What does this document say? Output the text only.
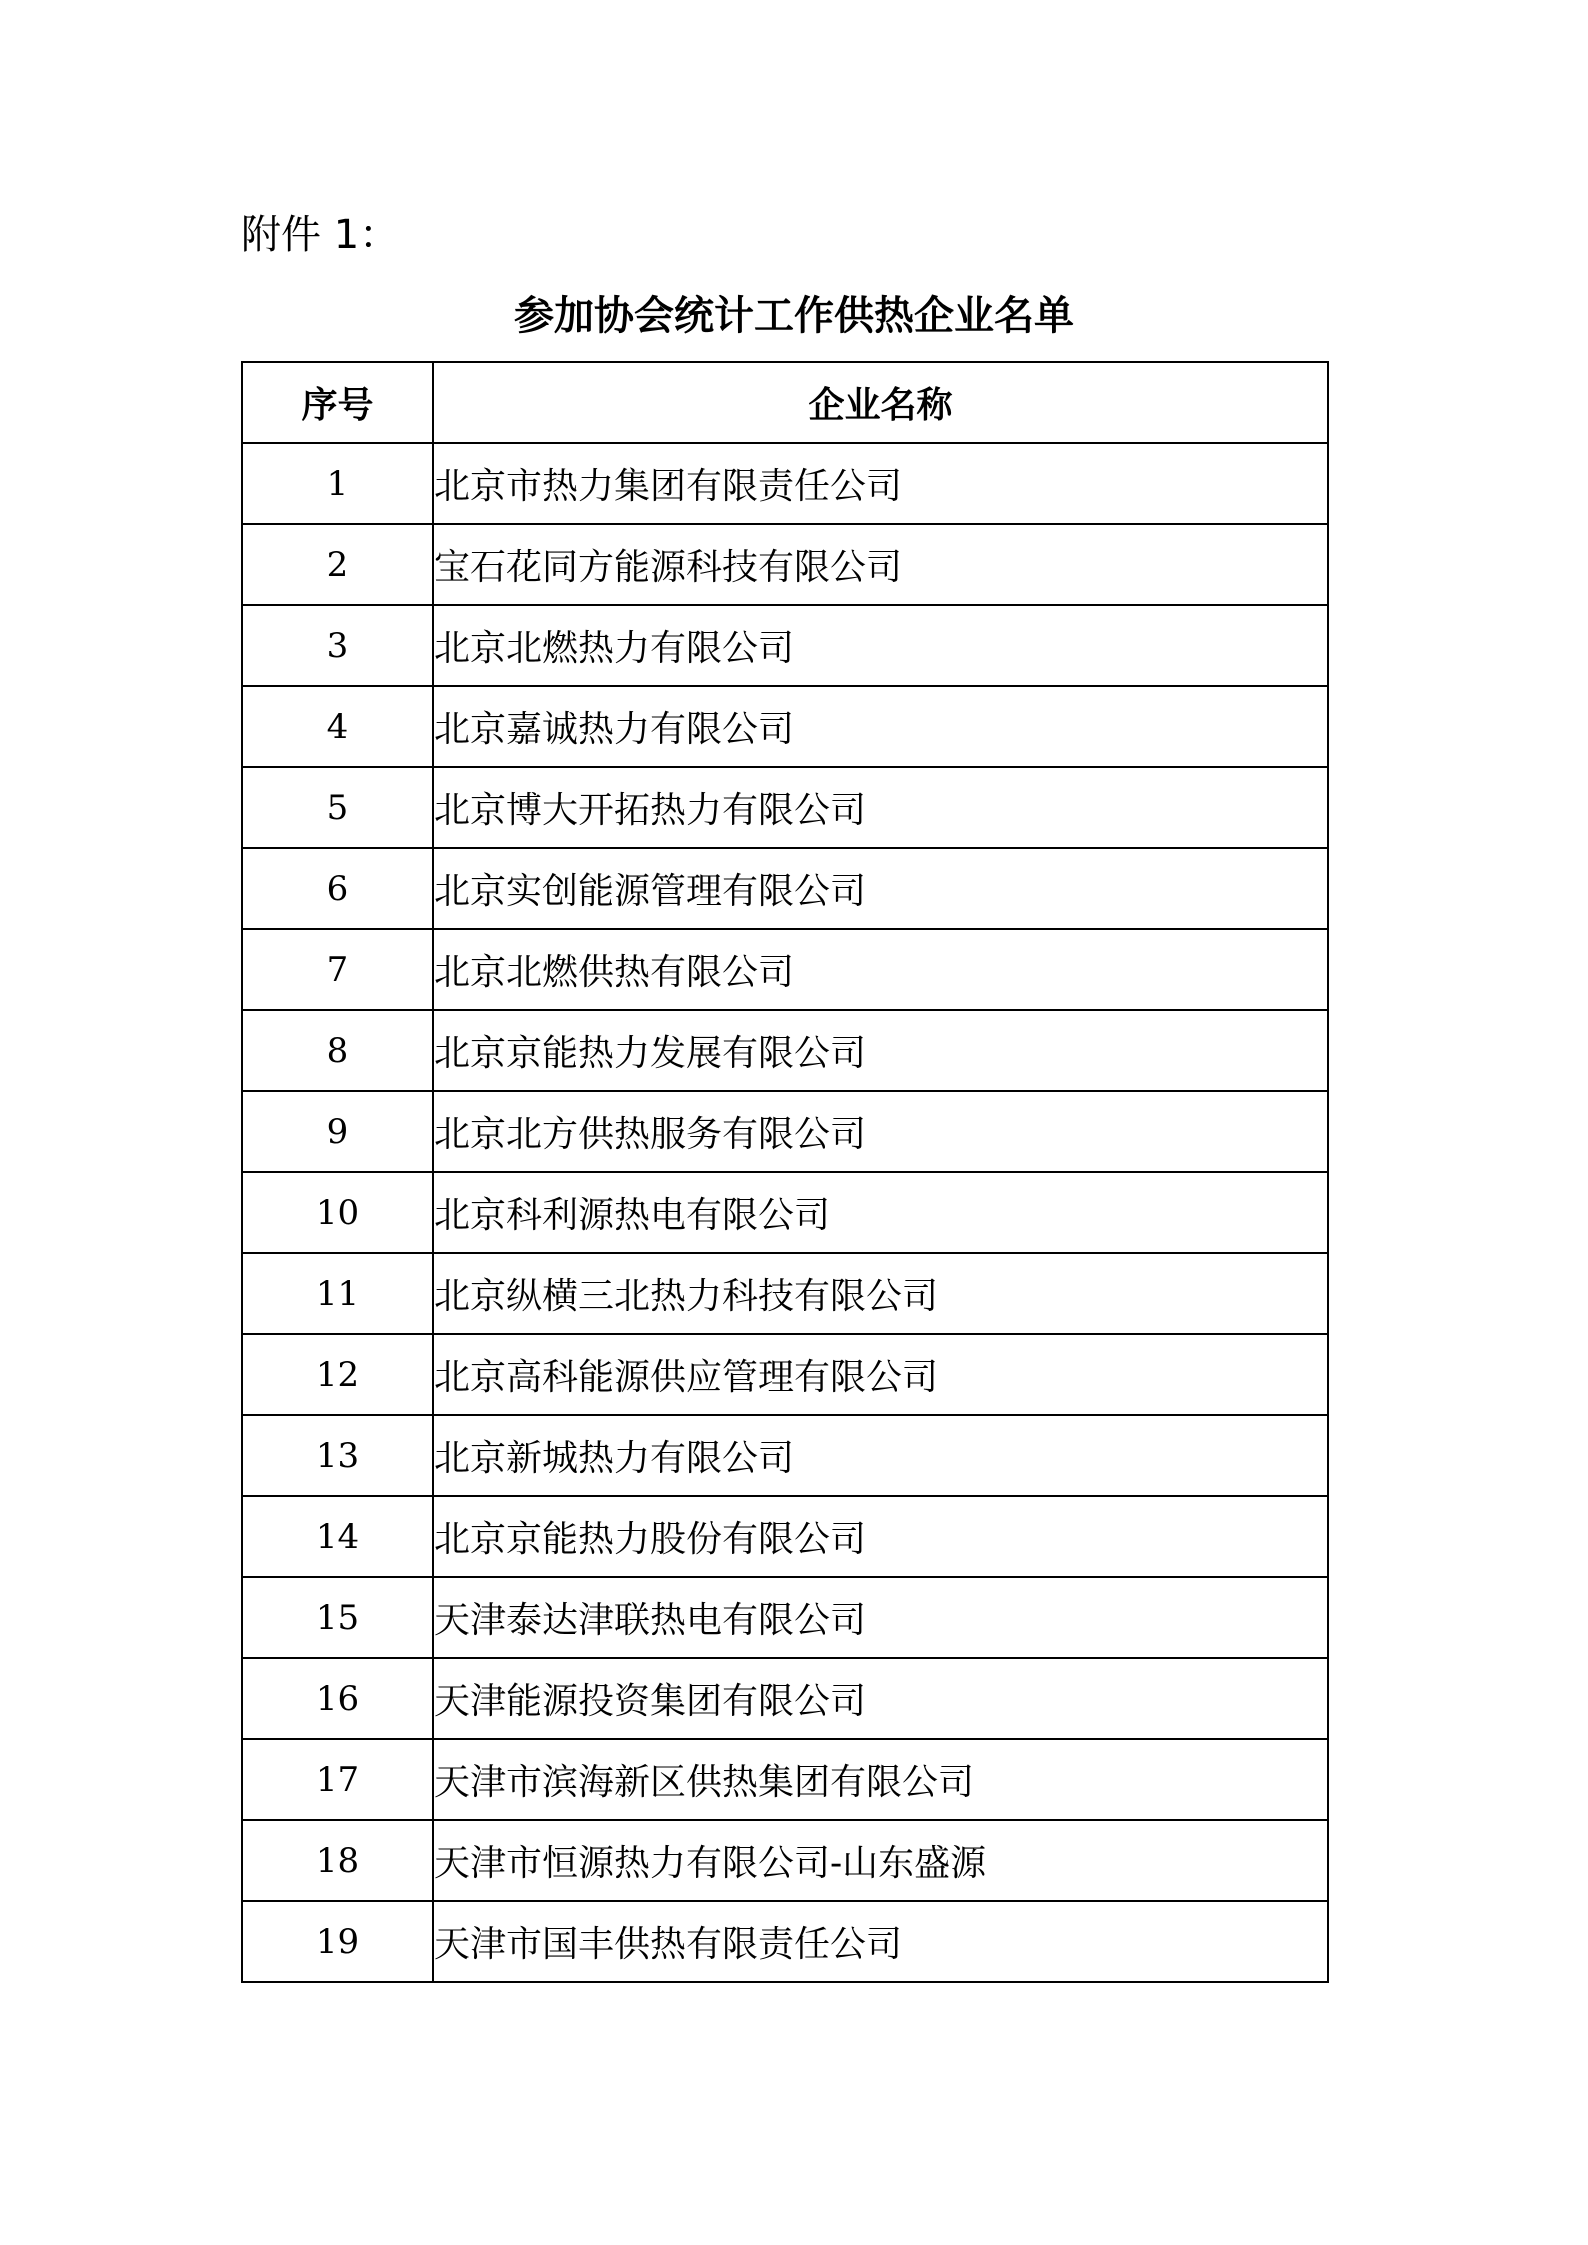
附件 1：
参加协会统计工作供热企业名单
序号	企业名称
1	北京市热力集团有限责任公司
2	宝石花同方能源科技有限公司
3	北京北燃热力有限公司
4	北京嘉诚热力有限公司
5	北京博大开拓热力有限公司
6	北京实创能源管理有限公司
7	北京北燃供热有限公司
8	北京京能热力发展有限公司
9	北京北方供热服务有限公司
10	北京科利源热电有限公司
11	北京纵横三北热力科技有限公司
12	北京高科能源供应管理有限公司
13	北京新城热力有限公司
14	北京京能热力股份有限公司
15	天津泰达津联热电有限公司
16	天津能源投资集团有限公司
17	天津市滨海新区供热集团有限公司
18	天津市恒源热力有限公司-山东盛源
19	天津市国丰供热有限责任公司
